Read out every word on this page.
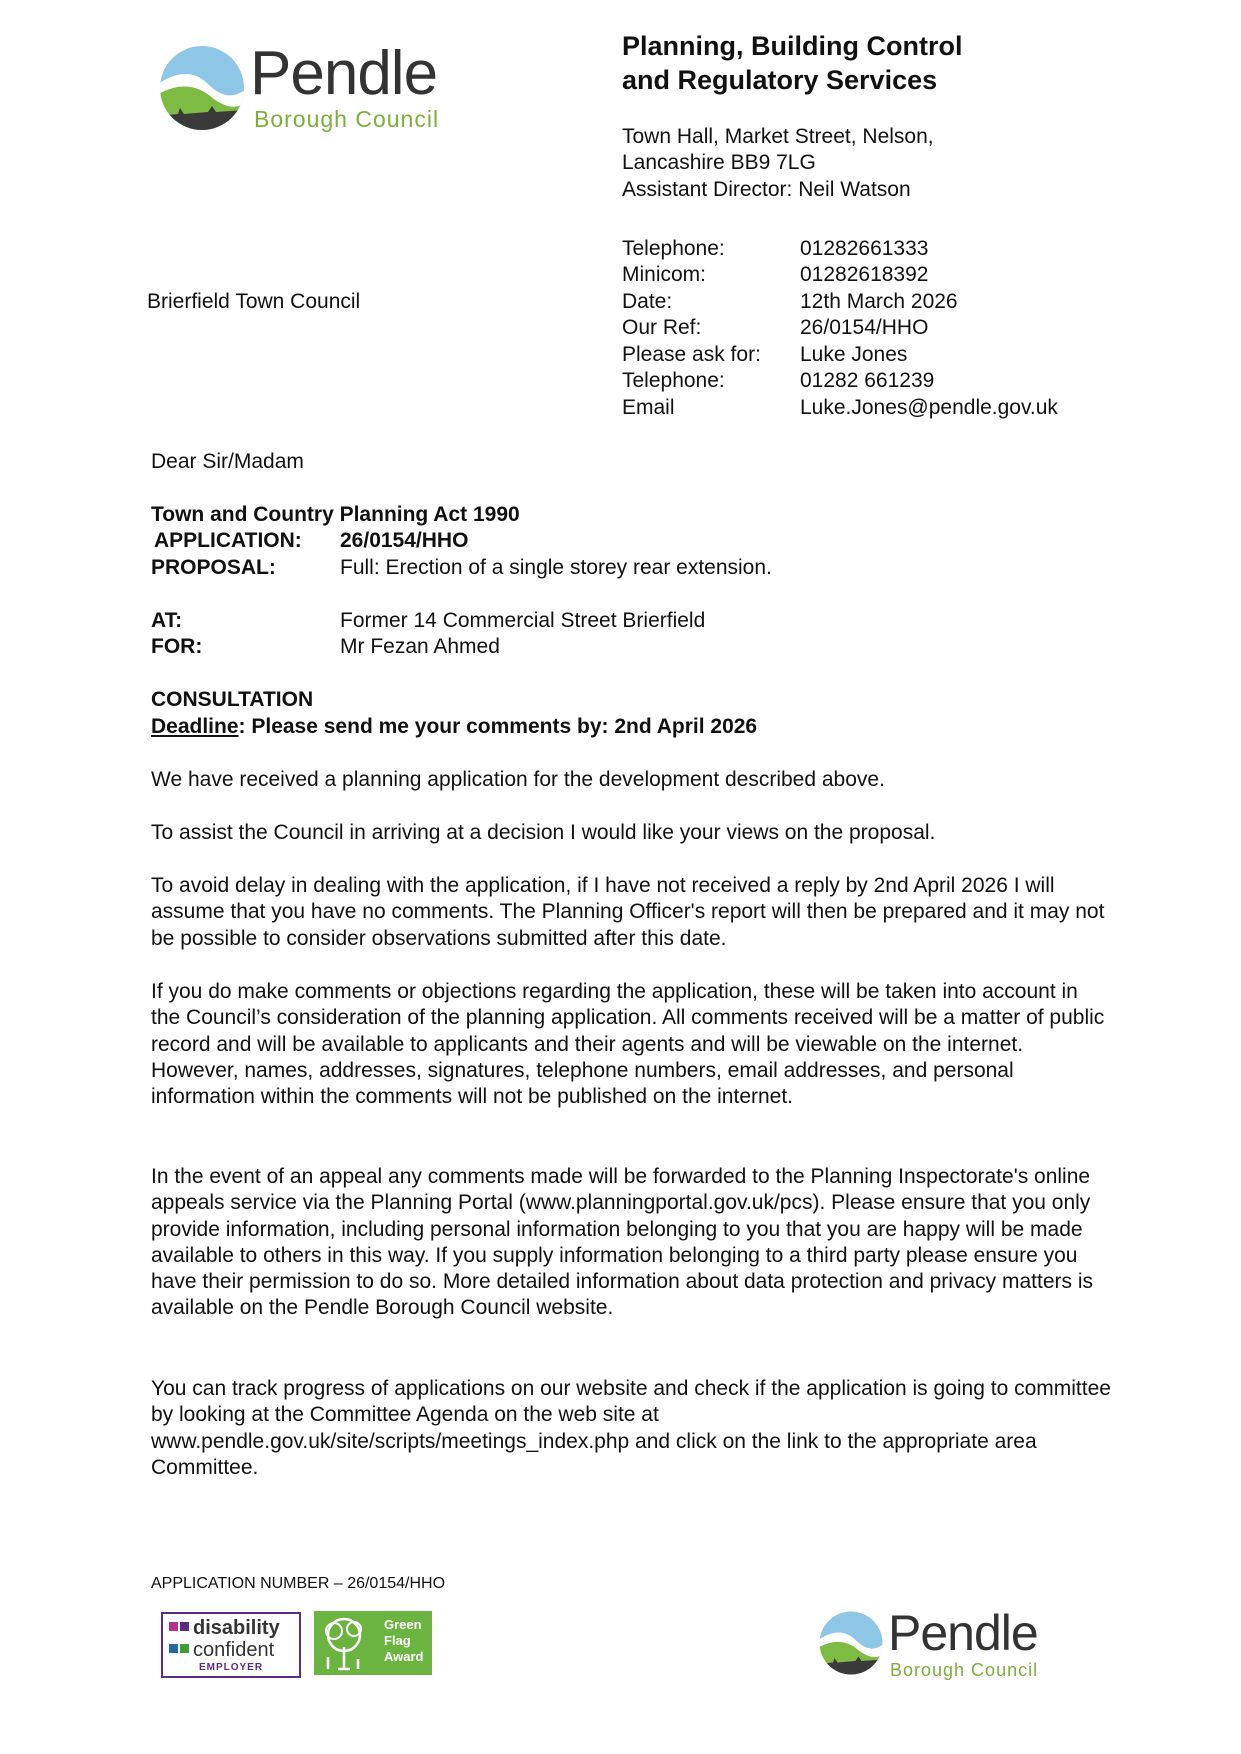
Pendle
Borough Council
Planning, Building Control
and Regulatory Services
Town Hall, Market Street, Nelson,
Lancashire BB9 7LG
Assistant Director: Neil Watson
Telephone:	01282661333
Minicom:	01282618392
Date:	12th March 2026
Our Ref:	26/0154/HHO
Please ask for: Luke Jones
Telephone:	01282 661239
Email	Luke.Jones@pendle.gov.uk
Brierfield Town Council
Dear Sir/Madam
Town and Country Planning Act 1990
APPLICATION: 26/0154/HHO
PROPOSAL:	Full: Erection of a single storey rear extension.
AT:	Former 14 Commercial Street Brierfield
FOR:	Mr Fezan Ahmed
CONSULTATION
Deadline: Please send me your comments by: 2nd April 2026
We have received a planning application for the development described above.
To assist the Council in arriving at a decision I would like your views on the proposal.
To avoid delay in dealing with the application, if I have not received a reply by 2nd April 2026 I will assume that you have no comments. The Planning Officer's report will then be prepared and it may not be possible to consider observations submitted after this date.
If you do make comments or objections regarding the application, these will be taken into account in the Council’s consideration of the planning application. All comments received will be a matter of public record and will be available to applicants and their agents and will be viewable on the internet. However, names, addresses, signatures, telephone numbers, email addresses, and personal information within the comments will not be published on the internet.
In the event of an appeal any comments made will be forwarded to the Planning Inspectorate's online appeals service via the Planning Portal (www.planningportal.gov.uk/pcs). Please ensure that you only provide information, including personal information belonging to you that you are happy will be made available to others in this way. If you supply information belonging to a third party please ensure you have their permission to do so. More detailed information about data protection and privacy matters is available on the Pendle Borough Council website.
You can track progress of applications on our website and check if the application is going to committee by looking at the Committee Agenda on the web site at www.pendle.gov.uk/site/scripts/meetings_index.php and click on the link to the appropriate area Committee.
APPLICATION NUMBER – 26/0154/HHO
disability
confident
EMPLOYER
Green
Flag
Award	Pendle
Borough Council
